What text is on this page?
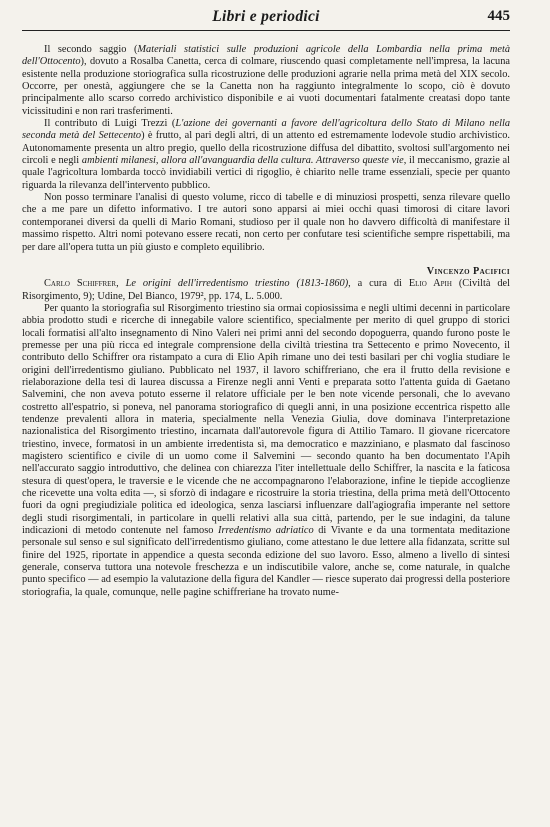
Libri e periodici	445

Il secondo saggio (Materiali statistici sulle produzioni agricole della Lombardia nella prima metà dell'Ottocento), dovuto a Rosalba Canetta, cerca di colmare, riuscendo quasi completamente nell'impresa, la lacuna esistente nella produzione storiografica sulla ricostruzione delle produzioni agrarie nella prima metà del XIX secolo. Occorre, per onestà, aggiungere che se la Canetta non ha raggiunto integralmente lo scopo, ciò è dovuto principalmente allo scarso corredo archivistico disponibile e ai vuoti documentari fatalmente creatasi dopo tante vicissitudini e non rari trasferimenti.

Il contributo di Luigi Trezzi (L'azione dei governanti a favore dell'agricoltura dello Stato di Milano nella seconda metà del Settecento) è frutto, al pari degli altri, di un attento ed estremamente lodevole studio archivistico. Autonomamente presenta un altro pregio, quello della ricostruzione diffusa del dibattito, svoltosi sull'argomento nei circoli e negli ambienti milanesi, allora all'avanguardia della cultura. Attraverso queste vie, il meccanismo, grazie al quale l'agricoltura lombarda toccò invidiabili vertici di rigoglio, è chiarito nelle trame essenziali, specie per quanto riguarda la rilevanza dell'intervento pubblico.

Non posso terminare l'analisi di questo volume, ricco di tabelle e di minuziosi prospetti, senza rilevare quello che a me pare un difetto informativo. I tre autori sono apparsi ai miei occhi quasi timorosi di citare lavori contemporanei diversi da quelli di Mario Romani, studioso per il quale non ho davvero difficoltà di manifestare il massimo rispetto. Altri nomi potevano essere recati, non certo per confutare tesi scientifiche sempre rispettabili, ma per dare all'opera tutta un più giusto e completo equilibrio.

Vincenzo Pacifici

Carlo Schiffrer, Le origini dell'irredentismo triestino (1813-1860), a cura di Elio Apih (Civiltà del Risorgimento, 9); Udine, Del Bianco, 1979², pp. 174, L. 5.000.

Per quanto la storiografia sul Risorgimento triestino sia ormai copiosissima e negli ultimi decenni in particolare abbia prodotto studi e ricerche di innegabile valore scientifico, specialmente per merito di quel gruppo di storici locali formatisi all'alto insegnamento di Nino Valeri nei primi anni del secondo dopoguerra, quando furono poste le premesse per una più ricca ed integrale comprensione della civiltà triestina tra Settecento e primo Novecento, il contributo dello Schiffrer ora ristampato a cura di Elio Apih rimane uno dei testi basilari per chi voglia studiare le origini dell'irredentismo giuliano. Pubblicato nel 1937, il lavoro schiffreriano, che era il frutto della revisione e rielaborazione della tesi di laurea discussa a Firenze negli anni Venti e preparata sotto l'attenta guida di Gaetano Salvemini, che non aveva potuto esserne il relatore ufficiale per le ben note vicende personali, che lo avevano costretto all'espatrio, si poneva, nel panorama storiografico di quegli anni, in una posizione eccentrica rispetto alle tendenze prevalenti allora in materia, specialmente nella Venezia Giulia, dove dominava l'interpretazione nazionalistica del Risorgimento triestino, incarnata dall'autorevole figura di Attilio Tamaro. Il giovane ricercatore triestino, invece, formatosi in un ambiente irredentista sì, ma democratico e mazziniano, e plasmato dal fascinoso magistero scientifico e civile di un uomo come il Salvemini — secondo quanto ha ben documentato l'Apih nell'accurato saggio introduttivo, che delinea con chiarezza l'iter intellettuale dello Schiffrer, la nascita e la faticosa stesura di quest'opera, le traversie e le vicende che ne accompagnarono l'elaborazione, infine le tiepide accoglienze che ricevette una volta edita —, si sforzò di indagare e ricostruire la storia triestina, della prima metà dell'Ottocento fuori da ogni pregiudiziale politica ed ideologica, senza lasciarsi influenzare dall'agiografia imperante nel settore degli studi risorgimentali, in particolare in quelli relativi alla sua città, partendo, per le sue indagini, da talune indicazioni di metodo contenute nel famoso Irredentismo adriatico di Vivante e da una tormentata meditazione personale sul senso e sul significato dell'irredentismo giuliano, come attestano le due lettere alla fidanzata, scritte sul finire del 1925, riportate in appendice a questa seconda edizione del suo lavoro. Esso, almeno a livello di sintesi generale, conserva tuttora una notevole freschezza e un indiscutibile valore, anche se, come naturale, in qualche punto specifico — ad esempio la valutazione della figura del Kandler — riesce superato dai progressi della posteriore storiografia, la quale, comunque, nelle pagine schiffreriane ha trovato nume-
